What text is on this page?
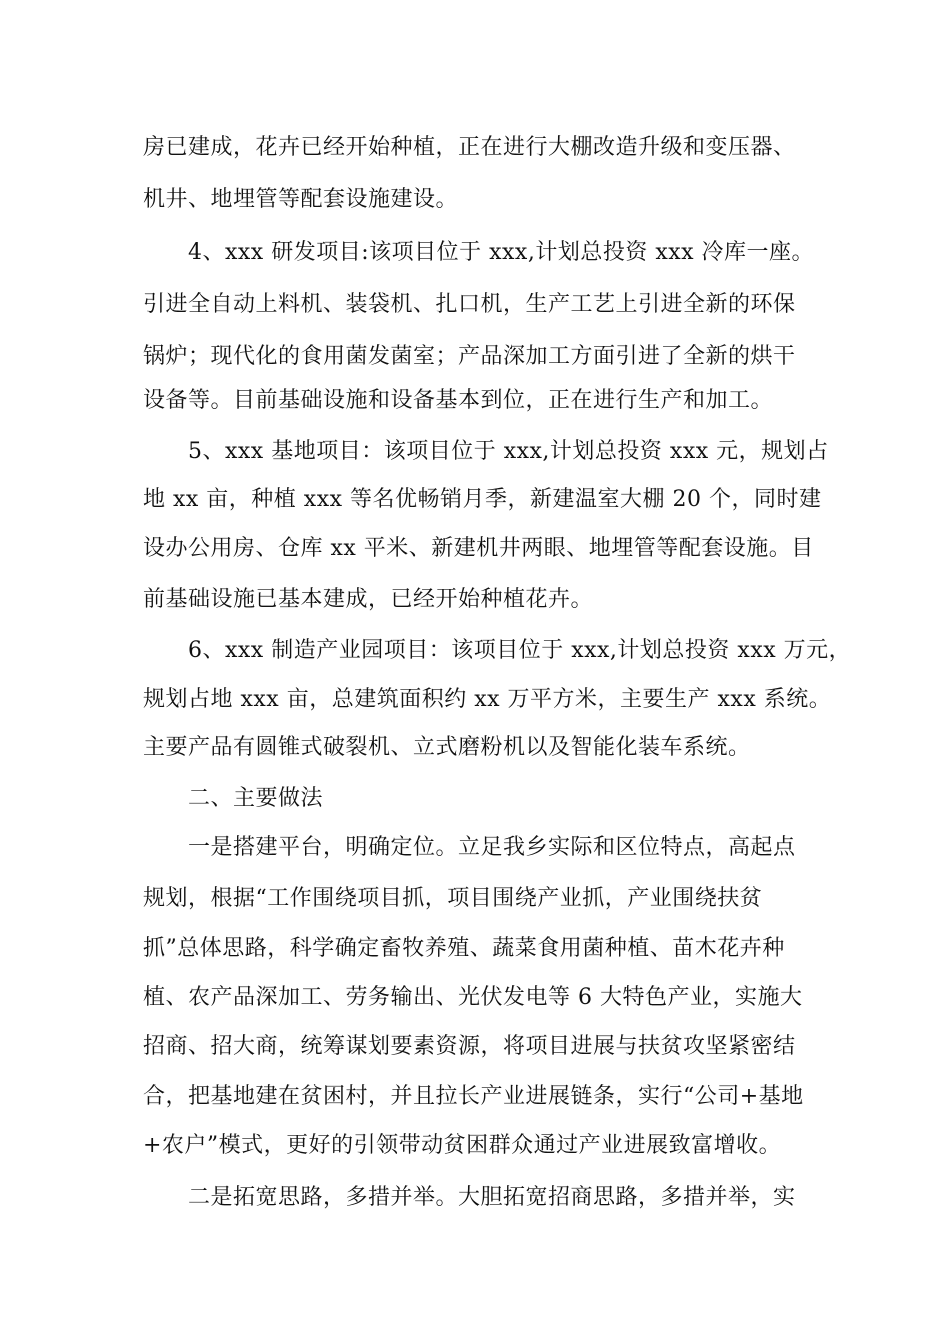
房已建成，花卉已经开始种植，正在进行大棚改造升级和变压器、
机井、地埋管等配套设施建设。
4、xxx 研发项目:该项目位于 xxx,计划总投资 xxx 冷库一座。
引进全自动上料机、装袋机、扎口机，生产工艺上引进全新的环保
锅炉；现代化的食用菌发菌室；产品深加工方面引进了全新的烘干
设备等。目前基础设施和设备基本到位，正在进行生产和加工。
5、xxx 基地项目：该项目位于 xxx,计划总投资 xxx 元，规划占
地 xx 亩，种植 xxx 等名优畅销月季，新建温室大棚 20 个，同时建
设办公用房、仓库 xx 平米、新建机井两眼、地埋管等配套设施。目
前基础设施已基本建成，已经开始种植花卉。
6、xxx 制造产业园项目：该项目位于 xxx,计划总投资 xxx 万元，
规划占地 xxx 亩，总建筑面积约 xx 万平方米，主要生产 xxx 系统。
主要产品有圆锥式破裂机、立式磨粉机以及智能化装车系统。
二、主要做法
一是搭建平台，明确定位。立足我乡实际和区位特点，高起点
规划，根据“工作围绕项目抓，项目围绕产业抓，产业围绕扶贫
抓”总体思路，科学确定畜牧养殖、蔬菜食用菌种植、苗木花卉种
植、农产品深加工、劳务输出、光伏发电等 6 大特色产业，实施大
招商、招大商，统筹谋划要素资源，将项目进展与扶贫攻坚紧密结
合，把基地建在贫困村，并且拉长产业进展链条，实行“公司+基地
+农户”模式，更好的引领带动贫困群众通过产业进展致富增收。
二是拓宽思路，多措并举。大胆拓宽招商思路，多措并举，实
